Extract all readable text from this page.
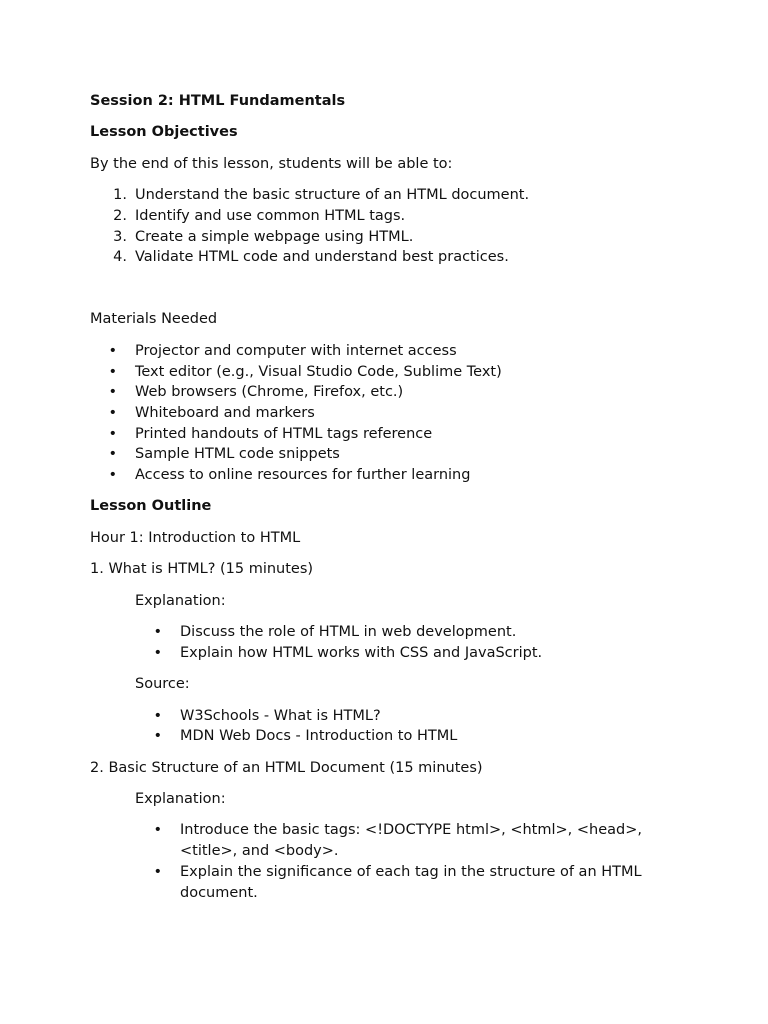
Session 2: HTML Fundamentals

Lesson Objectives

By the end of this lesson, students will be able to:

1. Understand the basic structure of an HTML document.
2. Identify and use common HTML tags.
3. Create a simple webpage using HTML.
4. Validate HTML code and understand best practices.

Materials Needed

• Projector and computer with internet access
• Text editor (e.g., Visual Studio Code, Sublime Text)
• Web browsers (Chrome, Firefox, etc.)
• Whiteboard and markers
• Printed handouts of HTML tags reference
• Sample HTML code snippets
• Access to online resources for further learning

Lesson Outline

Hour 1: Introduction to HTML

1. What is HTML? (15 minutes)

Explanation:

• Discuss the role of HTML in web development.
• Explain how HTML works with CSS and JavaScript.

Source:

• W3Schools - What is HTML?
• MDN Web Docs - Introduction to HTML

2. Basic Structure of an HTML Document (15 minutes)

Explanation:

• Introduce the basic tags: <!DOCTYPE html>, <html>, <head>, <title>, and <body>.
• Explain the significance of each tag in the structure of an HTML document.
